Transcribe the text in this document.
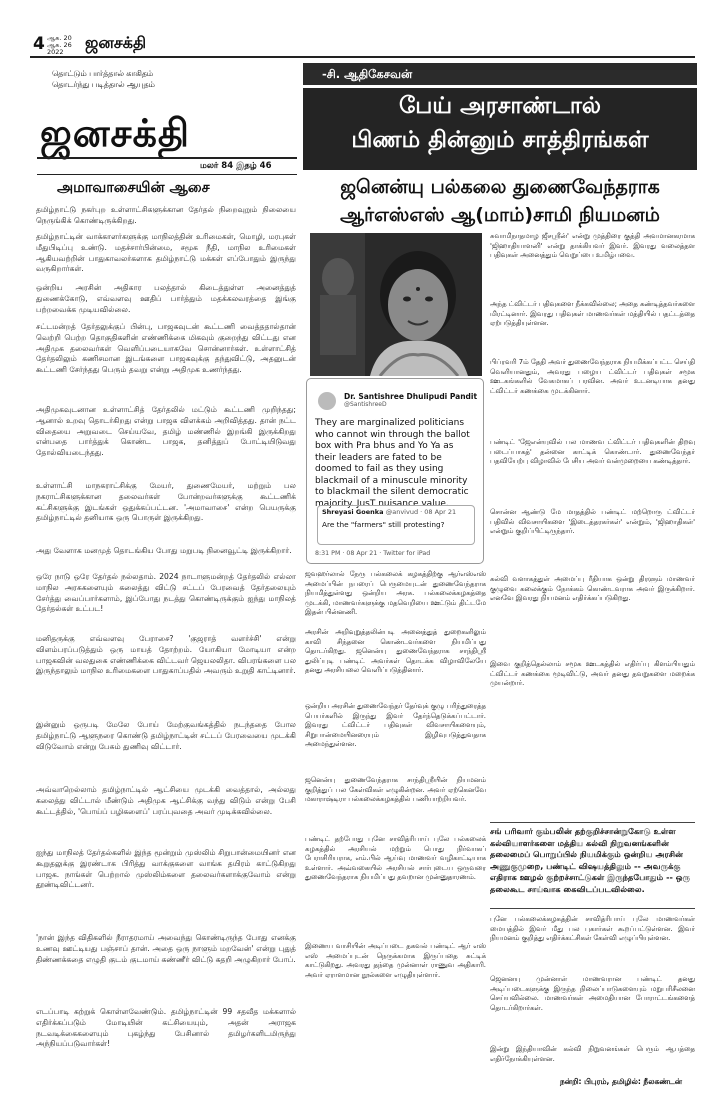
4 ஆக. 20
ஆக. 26
2022	ஜனசக்தி
தொட்டும் பார்த்தால் காகிதம்
தொடர்ந்து படித்தால் ஆயுதம்
ஜனசக்தி
மலர் 84 இதழ் 46
அமாவாசையின் ஆசை

தமிழ்நாட்டு நகர்புற உள்ளாட்சிகளுக்கான தேர்தல் நிறைவுறும் நிலையை நெருங்கிக் கொண்டிருக்கிறது.

தமிழ்நாட்டின் வாக்காளர்களுக்கு மாநிலத்தின் உரிமைகள், மொழி, மரபுகள் மீதுபிடிப்பு உண்டு. மதச்சார்பின்மை, சமூக நீதி, மாநில உரிமைகள் ஆகியவற்றின் பாதுகாவலர்களாக தமிழ்நாட்டு மக்கள் எப்போதும் இருந்து வருகிறார்கள்.

ஒன்றிய அரசின் அதிகார பலத்தால் கிடைத்துள்ள அனைத்துத் துணைக்கோடு, எவ்வளவு ஊதிப் பார்த்தும் மதக்கலவரத்தை இங்கு பற்றவைக்க முடியவில்லை.

சட்டமன்றத் தேர்தலுக்குப் பின்பு, பாஜகவுடன் கூட்டணி வைத்ததால்தான் வெற்றி பெற்ற தொகுதிகளின் எண்ணிக்கை மிகவும் குறைந்து விட்டது என அதிமுக தலைவர்கள் வெளிப்படையாகவே சொன்னார்கள். உள்ளாட்சித் தேர்தலிலும் கணிசமான இடங்களை பாஜகவுக்கு தந்துவிட்டு, அதனுடன் கூட்டணி சேர்ந்தது பெரும் தவறு என்று அதிமுக உணர்ந்தது.

அதிமுகவுடனான உள்ளாட்சித் தேர்தலில் மட்டும் கூட்டணி முறிந்தது; ஆனால் உறவு தொடர்கிறது என்று பாஜக விளக்கம் அறிவித்தது. தான் நட்ட விதையை அறுவடை செய்யவே, தமிழ் மண்ணில் இறங்கி இருக்கிறது என்பதை பார்த்துக் கொண்ட பாஜக, தனித்துப் போட்டியிடுவது தோல்வியடைந்தது.

உள்ளாட்சி மாநகராட்சிக்கு மேயர், துணைமேயர், மற்றும் பல நகராட்சிகளுக்கான தலைவர்கள் போன்றவர்களுக்கு கூட்டணிக் கட்சிகளுக்கு இடங்கள் ஒதுக்கப்பட்டன. 'அமாவாசை' என்ற பெயருக்கு தமிழ்நாட்டில் தனியாக ஒரு பொருள் இருக்கிறது.

அது வேளாக மனமுத் தொடங்கிய போது மறுபடி நினைவூட்டி இருக்கிறார்.

ஒரே நாடு ஒரே தேர்தல் நல்லதாம். 2024 நாடாளுமன்றத் தேர்தலில் எல்லா மாநில அரசுகளையும் கலைத்து விட்டு சட்டப் பேரவைத் தேர்தலையும் சேர்த்து வைப்பார்களாம், இப்போது நடத்து கொண்டிருக்கும் ஐந்து மாநிலத் தேர்தல்கள் உட்பட!

மனிதருக்கு எவ்வளவு பேராசை? 'குஜராத் வளர்ச்சி' என்று விளம்பரப்படுத்தும் ஒரு மாயத் தோற்றம். யோகியா மோடியா என்ற பாஜகவின் வலதுகை எண்ணிக்கை விட்டவர் ஜெயலலிதா. விபரங்களை பல இருந்தாலும் மாநில உரிமைகளை பாதுகாப்பதில் அவரும் உறுதி காட்டினார்.

இன்னும் ஒருபடி மேலே போய் மேற்குவங்கத்தில் நடந்ததை போல தமிழ்நாட்டு ஆளுநரை கொண்டு தமிழ்நாட்டின் சட்டப் பேரவையை முடக்கி விடுவோம் என்று பேசும் துணிவு விட்டார்.

அவ்வாறெல்லாம் தமிழ்நாட்டில் ஆட்சியை முடக்கி வைத்தால், அல்லது கலைத்து விட்டால் மீண்டும் அதிமுக ஆட்சிக்கு வந்து விடும் என்று பேசி கூட்டத்தில், 'பொய்ப் பழிகளைப்' பரப்புவதை அவர் முடிக்கவில்லை.

ஐந்து மாநிலத் தேர்தல்களில் இந்த மூன்றும் முஸ்லிம் சிறுபான்மையினர் என கூறுதலுக்கு இரண்டாக பிரித்து வாக்குகளை வாங்க தயிரம் காட்டுகிறது பாஜக. நாங்கள் பெற்றால் முஸ்லிம்களை தலைவர்களாக்குவோம் என்று தூண்டிவிட்டனர்.

'நான் இந்த விதிகளில் நீராதரமாய் அவைந்து கொண்டிருந்த போது எனக்கு உணவு ஊட்டியது பஞ்சாப் தான். அதை ஒரு நாளும் மறவேன்' என்று புதுத் திண்ணக்கதை எழுதி குடம் குடமாய் கண்ணீர் விட்டு கதறி அழுகிறார் போப்.

எடப்பாடி கற்றுக் கொள்ளவேண்டும். தமிழ்நாட்டின் 99 சதவீத மக்களால் எதிர்க்கப்படும் மோடியின் கட்சியையும், அதன் அராஜக நடவடிக்கைகளையும் புகழ்ந்து பேசினால் தமிழர்களிடமிருந்து அந்நியப்படுவார்கள்!

-சி. ஆதிகேசவன்
பேய் அரசாண்டால்
பிணம் தின்னும் சாத்திரங்கள்
ஜனென்யு பல்கலை துணைவேந்தராக
ஆர்எஸ்எஸ் ஆ(மாம்)சாமி நியமனம்
Dr. Santishree Dhulipudi Pandit
@SantishreeD
They are marginalized politicians who cannot win through the ballot box with Pra bhus and Yo Ya as their leaders are fated to be doomed to fail as they using blackmail of a minuscule minority to blackmail the silent democratic majority. JusT nuisance value.
Shreyasi Goenka @anvivud · 08 Apr 21
Are the "farmers" still protesting?
8:31 PM · 08 Apr 21 · Twitter for iPad

ஜவஹர்லால் நேரு பல்கலைக் கழகத்திற்கு ஆர்எஸ்எஸ் அமைப்பின் நபரைப் பெருமையுடன் துணைவேந்தராக நியமித்துள்ளது ஒன்றிய அரசு. பல்கலைக்கழகத்தை முடக்கி, மாணவர்களுக்கு மதவெறியை ஊட்டும் திட்டமே இதன் பின்னணி.

அரசின் அறிவுறுத்தலின்படி அனைத்துத் துறைகளிலும் காவி சிந்தனை கொண்டவர்களை நியமிப்பது தொடர்கிறது. ஜனென்யு துணைவேந்தராக சாந்திஸ்ரீ துலிப்புடி பண்டிட் அவர்கள் தொடக்க விழாவிலேயே தனது அரசியலை வெளிப்படுத்தினார்.

ஒன்றிய அரசின் துணைவேந்தர் தேர்வுக் குழு பரிந்துரைத்த பெயர்களில் இருந்து இவர் தேர்ந்தெடுக்கப்பட்டார். இவரது ட்விட்டர் பதிவுகள் விவசாயிகளையும், சிறுபான்மையினரையும் இழிவுபடுத்துவதாக அமைந்துள்ளன.

ஜனென்யு துணைவேந்தராக சாந்திஸ்ரீயின் நியமனம் குறித்துப் பல கேள்விகள் எழுகின்றன. அவர் ஏற்கெனவே மகாராஷ்டிரா பல்கலைக்கழகத்தில் பணியாற்றியவர்.

பண்டிட் தற்போது புனே சாவித்ரிபாய் புலே பல்கலைக் கழகத்தில் அரசியல் மற்றும் பொது நிர்வாகப் பேராசிரியராக, எம்.பில் ஆய்வு மாணவர் வழிகாட்டியாக உள்ளார். அவ்வகையில் அரசியல் சார்புடைய ஒருவரை துணைவேந்தராக நியமிப்பது தவறான முன்னுதாரணம்.

இணைய வாசியின் அடிப்படை தகவல் பண்டிட் ஆர் எஸ் எஸ் அமைப்புடன் நெருக்கமாக இருப்பதை சுட்டிக் காட்டுகிறது. அவரது தந்தை முன்னாள் ராணுவ அதிகாரி. அவர் ஏராளமான நூல்களை எழுதியுள்ளார்.

சுவாமிநாதமாழ ஜீசஸ்ரீன்' என்று முத்திரை குத்தி அவமானகரமாக 'ஜிஹாதியாளனி' என்று தாக்கியவர் இவர். இவரது வலைத்தள பதிவுகள் அனைத்தும் வெறுப்பை உமிழ்பவை.

அந்த ட்விட்டர் பதிவுகளை நீக்கவில்லை; அதை கண்டித்தவர்களை மிரட்டினார். இவரது பதிவுகள் மாணவர்கள் மத்தியில் பதட்டத்தை ஏற்படுத்தியுள்ளன.

பிப்ரவரி 7ம் தேதி அவர் துணைவேந்தராக நியமிக்கப்பட்ட செய்தி வெளியானதும், அவரது பழைய ட்விட்டர் பதிவுகள் சமூக ஊடகங்களில் வேகமாகப் பரவின. அவர் உடனடியாக தனது ட்விட்டர் கணக்கை முடக்கினார்.

பண்டிட் 'ஜேஎன்யுவில் பல மாணவ ட்விட்டர் பதிவுகளின் திறவு படைப்பாகத்' தன்னை காட்டிக் கொண்டார். துணைவேந்தர் பதவியேற்பு விழாவில் பேசிய அவர் வன்முறையை கண்டித்தார்.

சொன்ன ஆண்டு மே மாதத்தில் பண்டிட் மற்றொரு ட்விட்டர் பதிவில் விவசாயிகளை 'இடைத்தரகர்கள்' என்றும், 'ஜிஹாதிகள்' என்றும் குறிப்பிட்டிருந்தார்.

கல்வி வளாகத்துள் அமைப்பு ரீதியாக ஒன்று திரளும் மாணவர் குழுவை கலைக்கும் நோக்கம் கொண்டவராக அவர் இருக்கிறார். எனவே இவரது நியமனம் எதிர்க்கப்படுகிறது.

இவை குறித்தெல்லாம் சமூக ஊடகத்தில் எதிர்ப்பு கிளம்பியதும் ட்விட்டர் கணக்கை மூடிவிட்டு, அவர் தனது தவறுகளை மறைக்க முயன்றார்.

சங் பரிவார் கும்பலின் தற்குறிச்சான்றுகோடு உள்ள கல்வியாளர்களை மத்திய கல்வி நிறுவனங்களின் தலைமைப் பொறுப்பில் நியமிக்கும் ஒன்றிய அரசின் அணுகுமுறை, பண்டிட் விஷயத்திலும் -- அவருக்கு எதிராக ஊழல் குற்றச்சாட்டுகள் இருந்தபோதும் -- ஒரு தலைகூட சாய்வாக கைவிடப்படவில்லை.

புனே பல்கலைக்கழகத்தின் சாவித்ரிபாய் புலே மாணவர்கள் மையத்தில் இவர் மீது பல புகார்கள் கூறப்பட்டுள்ளன. இவர் நியமனம் குறித்து எதிர்க்கட்சிகள் கேள்வி எழுப்பியுள்ளன.

ஜெனனயு முன்னாள் மாணவரான பண்டிட் தனது அடிப்படைகளுக்கு இருந்த நிலைப்பாடுகளையும் மறுபரிசீலனை செய்யவில்லை. மாணவர்கள் அமைதியான போராட்டங்களைத் தொடர்கிறார்கள்.

இன்று இந்தியாவின் கல்வி நிறுவனங்கள் பெரும் ஆபத்தை எதிர்நோக்கியுள்ளன.

நன்றி: பிபுரம், தமிழில்: நீலகண்டன்
